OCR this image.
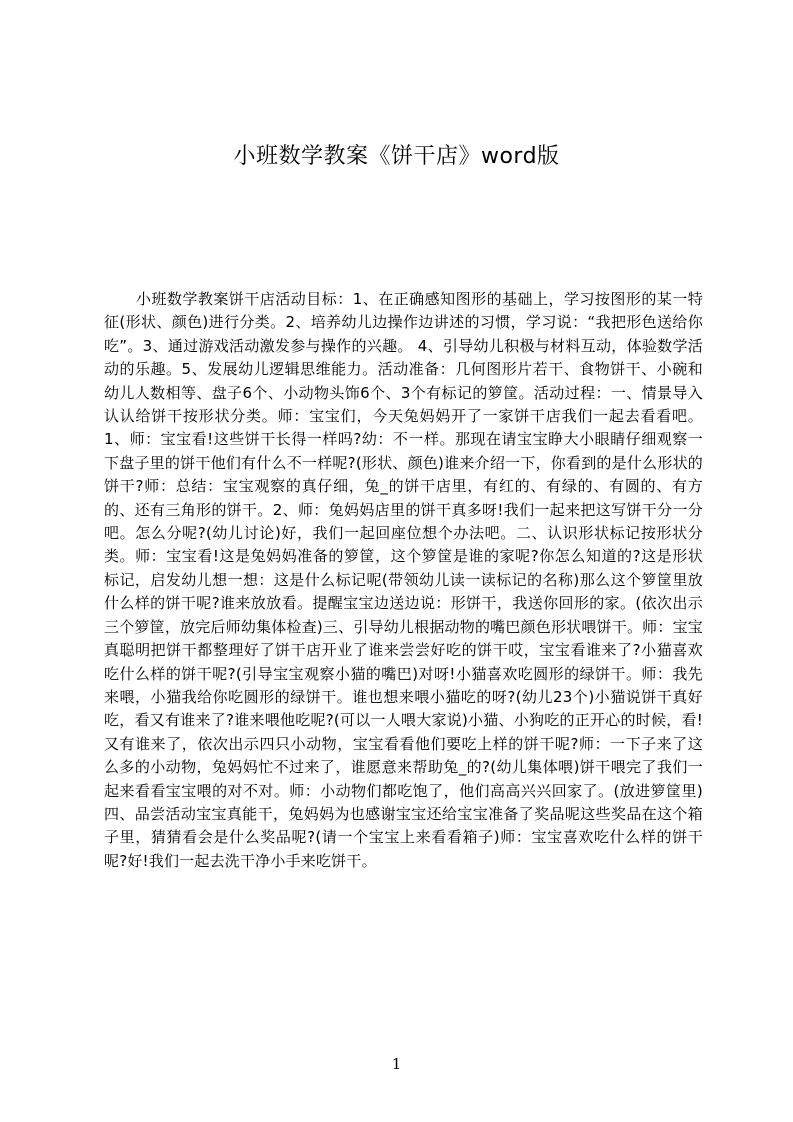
小班数学教案《饼干店》word版
小班数学教案饼干店活动目标：1、在正确感知图形的基础上，学习按图形的某一特征(形状、颜色)进行分类。2、培养幼儿边操作边讲述的习惯，学习说：“我把形色送给你吃”。3、通过游戏活动激发参与操作的兴趣。 4、引导幼儿积极与材料互动，体验数学活动的乐趣。5、发展幼儿逻辑思维能力。活动准备：几何图形片若干、食物饼干、小碗和幼儿人数相等、盘子6个、小动物头饰6个、3个有标记的箩筐。活动过程：一、情景导入认认给饼干按形状分类。师：宝宝们，今天兔妈妈开了一家饼干店我们一起去看看吧。1、师：宝宝看!这些饼干长得一样吗?幼：不一样。那现在请宝宝睁大小眼睛仔细观察一下盘子里的饼干他们有什么不一样呢?(形状、颜色)谁来介绍一下，你看到的是什么形状的饼干?师：总结：宝宝观察的真仔细，兔_的饼干店里，有红的、有绿的、有圆的、有方的、还有三角形的饼干。2、师：兔妈妈店里的饼干真多呀!我们一起来把这写饼干分一分吧。怎么分呢?(幼儿讨论)好，我们一起回座位想个办法吧。二、认识形状标记按形状分类。师：宝宝看!这是兔妈妈准备的箩筐，这个箩筐是谁的家呢?你怎么知道的?这是形状标记，启发幼儿想一想：这是什么标记呢(带领幼儿读一读标记的名称)那么这个箩筐里放什么样的饼干呢?谁来放放看。提醒宝宝边送边说：形饼干，我送你回形的家。(依次出示三个箩筐，放完后师幼集体检查)三、引导幼儿根据动物的嘴巴颜色形状喂饼干。师：宝宝真聪明把饼干都整理好了饼干店开业了谁来尝尝好吃的饼干哎，宝宝看谁来了?小猫喜欢吃什么样的饼干呢?(引导宝宝观察小猫的嘴巴)对呀!小猫喜欢吃圆形的绿饼干。师：我先来喂，小猫我给你吃圆形的绿饼干。谁也想来喂小猫吃的呀?(幼儿23个)小猫说饼干真好吃，看又有谁来了?谁来喂他吃呢?(可以一人喂大家说)小猫、小狗吃的正开心的时候，看!又有谁来了，依次出示四只小动物，宝宝看看他们要吃上样的饼干呢?师：一下子来了这么多的小动物，兔妈妈忙不过来了，谁愿意来帮助兔_的?(幼儿集体喂)饼干喂完了我们一起来看看宝宝喂的对不对。师：小动物们都吃饱了，他们高高兴兴回家了。(放进箩筐里)四、品尝活动宝宝真能干，兔妈妈为也感谢宝宝还给宝宝准备了奖品呢这些奖品在这个箱子里，猜猜看会是什么奖品呢?(请一个宝宝上来看看箱子)师：宝宝喜欢吃什么样的饼干呢?好!我们一起去洗干净小手来吃饼干。
1
